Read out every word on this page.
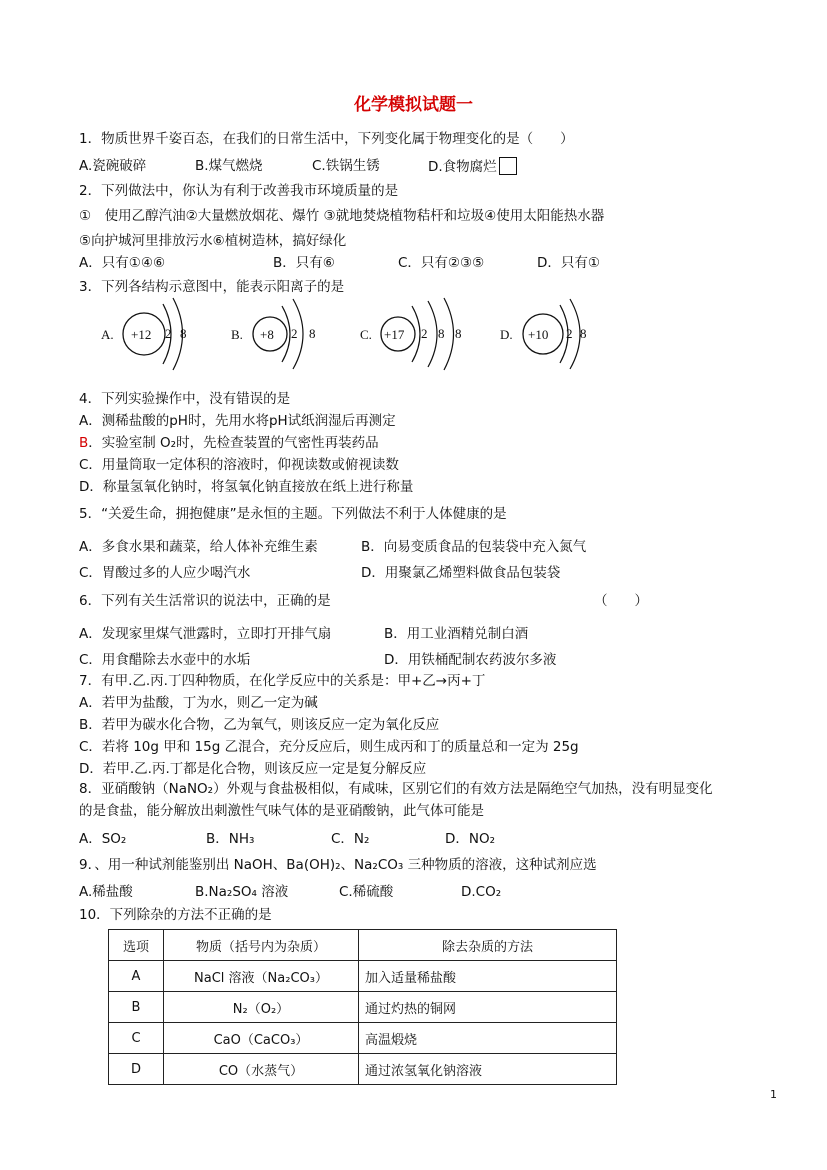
化学模拟试题一
1．物质世界千姿百态，在我们的日常生活中，下列变化属于物理变化的是（　　）
A.瓷碗破碎	B.煤气燃烧	C.铁锅生锈	D.食物腐烂
2．下列做法中，你认为有利于改善我市环境质量的是
①　使用乙醇汽油②大量燃放烟花、爆竹 ③就地焚烧植物秸杆和垃圾④使用太阳能热水器
⑤向护城河里排放污水⑥植树造林，搞好绿化
A．只有①④⑥	B．只有⑥	C．只有②③⑤	D．只有①
3．下列各结构示意图中，能表示阳离子的是
A. +12 2 8	B. +8 2 8	C. +17 2 8 8	D. +10 2 8
4．下列实验操作中，没有错误的是
A．测稀盐酸的pH时，先用水将pH试纸润湿后再测定
B．实验室制 O₂时，先检查装置的气密性再装药品
C．用量筒取一定体积的溶液时，仰视读数或俯视读数
D．称量氢氧化钠时，将氢氧化钠直接放在纸上进行称量
5．“关爱生命，拥抱健康”是永恒的主题。下列做法不利于人体健康的是
A．多食水果和蔬菜，给人体补充维生素	B．向易变质食品的包装袋中充入氮气
C．胃酸过多的人应少喝汽水	D．用聚氯乙烯塑料做食品包装袋
6．下列有关生活常识的说法中，正确的是	（　　）
A．发现家里煤气泄露时，立即打开排气扇	B．用工业酒精兑制白酒
C．用食醋除去水壶中的水垢	D．用铁桶配制农药波尔多液
7．有甲.乙.丙.丁四种物质，在化学反应中的关系是：甲+乙→丙+丁
A．若甲为盐酸，丁为水，则乙一定为碱
B．若甲为碳水化合物，乙为氧气，则该反应一定为氧化反应
C．若将 10g 甲和 15g 乙混合，充分反应后，则生成丙和丁的质量总和一定为 25g
D．若甲.乙.丙.丁都是化合物，则该反应一定是复分解反应
8．亚硝酸钠（NaNO₂）外观与食盐极相似，有咸味，区别它们的有效方法是隔绝空气加热，没有明显变化
的是食盐，能分解放出刺激性气味气体的是亚硝酸钠，此气体可能是
A．SO₂	B．NH₃	C．N₂	D．NO₂
9．、用一种试剂能鉴别出 NaOH、Ba(OH)₂、Na₂CO₃ 三种物质的溶液，这种试剂应选
A.稀盐酸	B.Na₂SO₄ 溶液	C.稀硫酸	D.CO₂
10．下列除杂的方法不正确的是
选项	物质（括号内为杂质）	除去杂质的方法
A	NaCl 溶液（Na₂CO₃）	加入适量稀盐酸
B	N₂（O₂）	通过灼热的铜网
C	CaO（CaCO₃）	高温煅烧
D	CO（水蒸气）	通过浓氢氧化钠溶液
1
